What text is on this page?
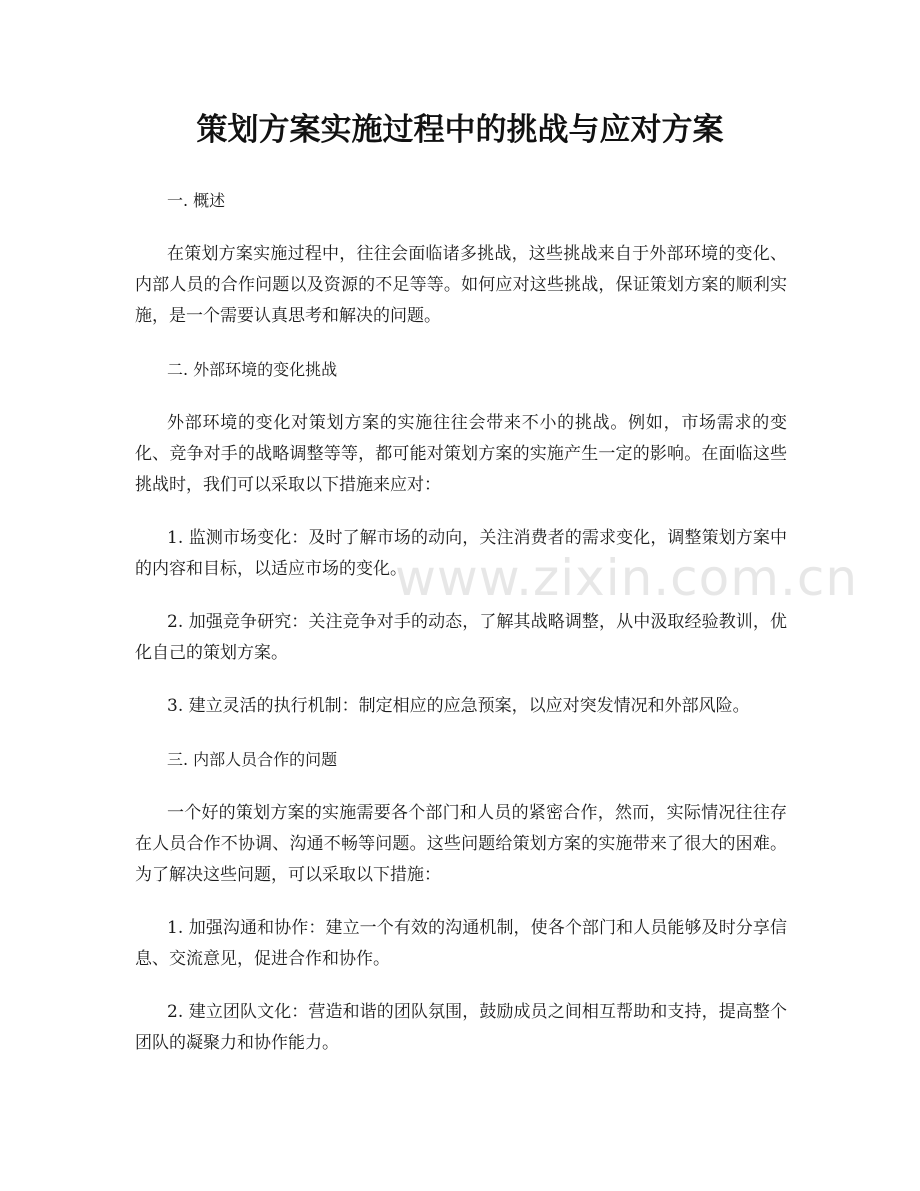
策划方案实施过程中的挑战与应对方案

一. 概述

在策划方案实施过程中，往往会面临诸多挑战，这些挑战来自于外部环境的变化、内部人员的合作问题以及资源的不足等等。如何应对这些挑战，保证策划方案的顺利实施，是一个需要认真思考和解决的问题。

二. 外部环境的变化挑战

外部环境的变化对策划方案的实施往往会带来不小的挑战。例如，市场需求的变化、竞争对手的战略调整等等，都可能对策划方案的实施产生一定的影响。在面临这些挑战时，我们可以采取以下措施来应对：

1. 监测市场变化：及时了解市场的动向，关注消费者的需求变化，调整策划方案中的内容和目标，以适应市场的变化。

2. 加强竞争研究：关注竞争对手的动态，了解其战略调整，从中汲取经验教训，优化自己的策划方案。

3. 建立灵活的执行机制：制定相应的应急预案，以应对突发情况和外部风险。

三. 内部人员合作的问题

一个好的策划方案的实施需要各个部门和人员的紧密合作，然而，实际情况往往存在人员合作不协调、沟通不畅等问题。这些问题给策划方案的实施带来了很大的困难。为了解决这些问题，可以采取以下措施：

1. 加强沟通和协作：建立一个有效的沟通机制，使各个部门和人员能够及时分享信息、交流意见，促进合作和协作。

2. 建立团队文化：营造和谐的团队氛围，鼓励成员之间相互帮助和支持，提高整个团队的凝聚力和协作能力。

www.zixin.com.cn
